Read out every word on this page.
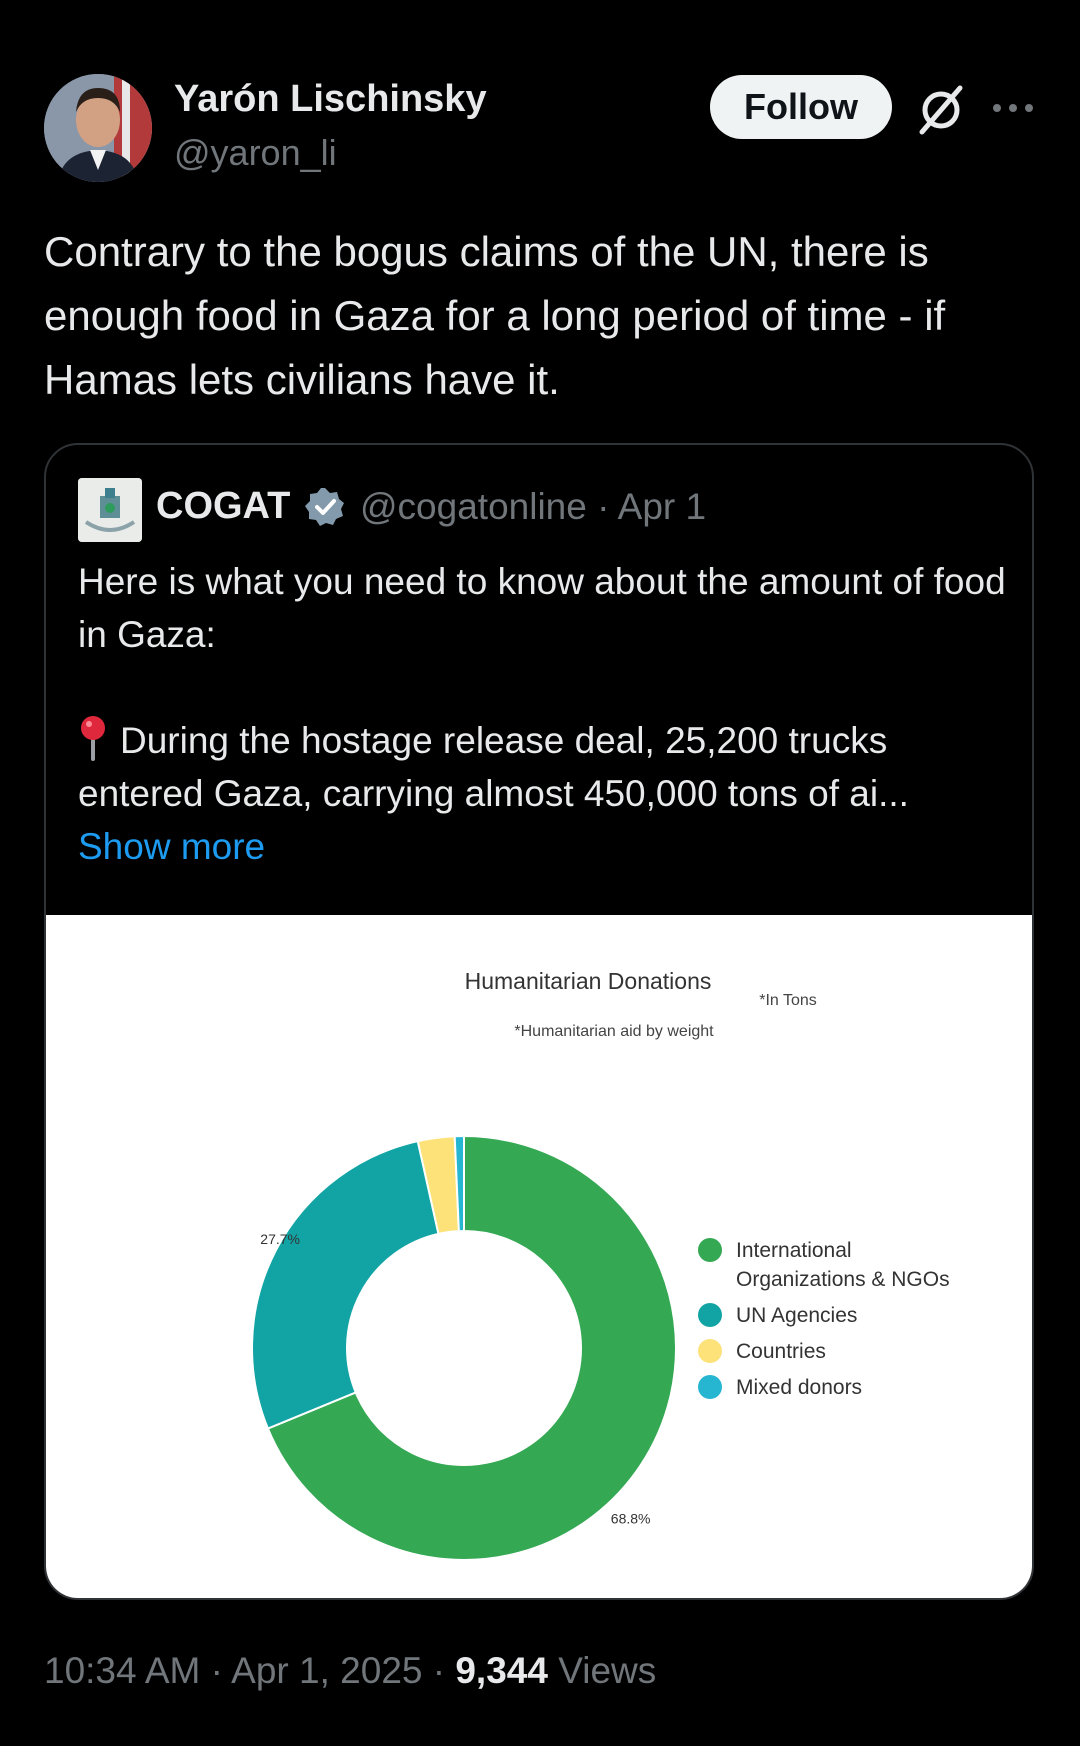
Yarón Lischinsky
@yaron_li
Follow
Contrary to the bogus claims of the UN, there is enough food in Gaza for a long period of time - if Hamas lets civilians have it.
COGAT @cogatonline · Apr 1

Here is what you need to know about the amount of food in Gaza:

During the hostage release deal, 25,200 trucks entered Gaza, carrying almost 450,000 tons of ai...

Show more

Humanitarian Donations
*Humanitarian aid by weight
*In Tons
68.8%
27.7%
International Organizations & NGOs
UN Agencies
Countries
Mixed donors
10:34 AM · Apr 1, 2025 · 9,344 Views
